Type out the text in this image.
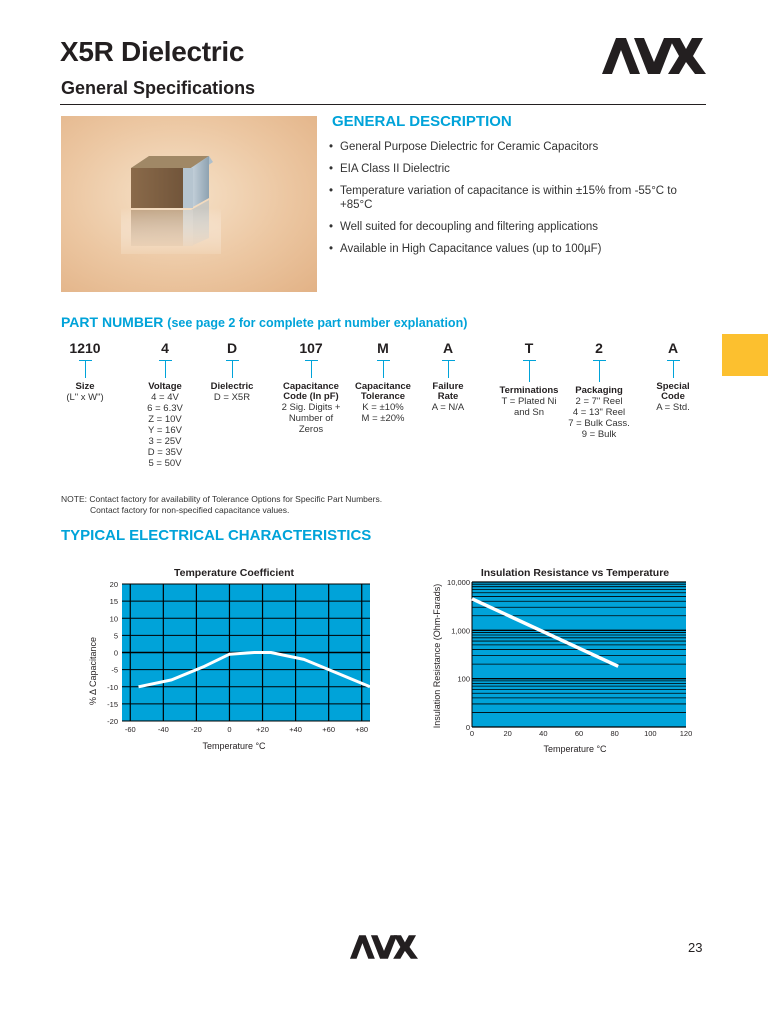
X5R Dielectric
General Specifications
GENERAL DESCRIPTION
• General Purpose Dielectric for Ceramic Capacitors
• EIA Class II Dielectric
• Temperature variation of capacitance is within ±15% from -55°C to +85°C
• Well suited for decoupling and filtering applications
• Available in High Capacitance values (up to 100µF)
PART NUMBER (see page 2 for complete part number explanation)
1210
Size
(L" x W")
4
Voltage
4 = 4V
6 = 6.3V
Z = 10V
Y = 16V
3 = 25V
D = 35V
5 = 50V
D
Dielectric
D = X5R
107
Capacitance
Code (In pF)
2 Sig. Digits +
Number of
Zeros
M
Capacitance
Tolerance
K = ±10%
M = ±20%
A
Failure
Rate
A = N/A
T
Terminations
T = Plated Ni
and Sn
2
Packaging
2 = 7" Reel
4 = 13" Reel
7 = Bulk Cass.
9 = Bulk
A
Special
Code
A = Std.
NOTE: Contact factory for availability of Tolerance Options for Specific Part Numbers.
Contact factory for non-specified capacitance values.
TYPICAL ELECTRICAL CHARACTERISTICS
Temperature Coefficient
20
15
10
5
0
-5
-10
-15
-20
-60	-40	-20	0	+20	+40	+60	+80
Temperature °C
% Δ Capacitance
Insulation Resistance vs Temperature
10,000
1,000
100
0
0	20	40	60	80	100	120
Temperature °C
Insulation Resistance (Ohm-Farads)
23
